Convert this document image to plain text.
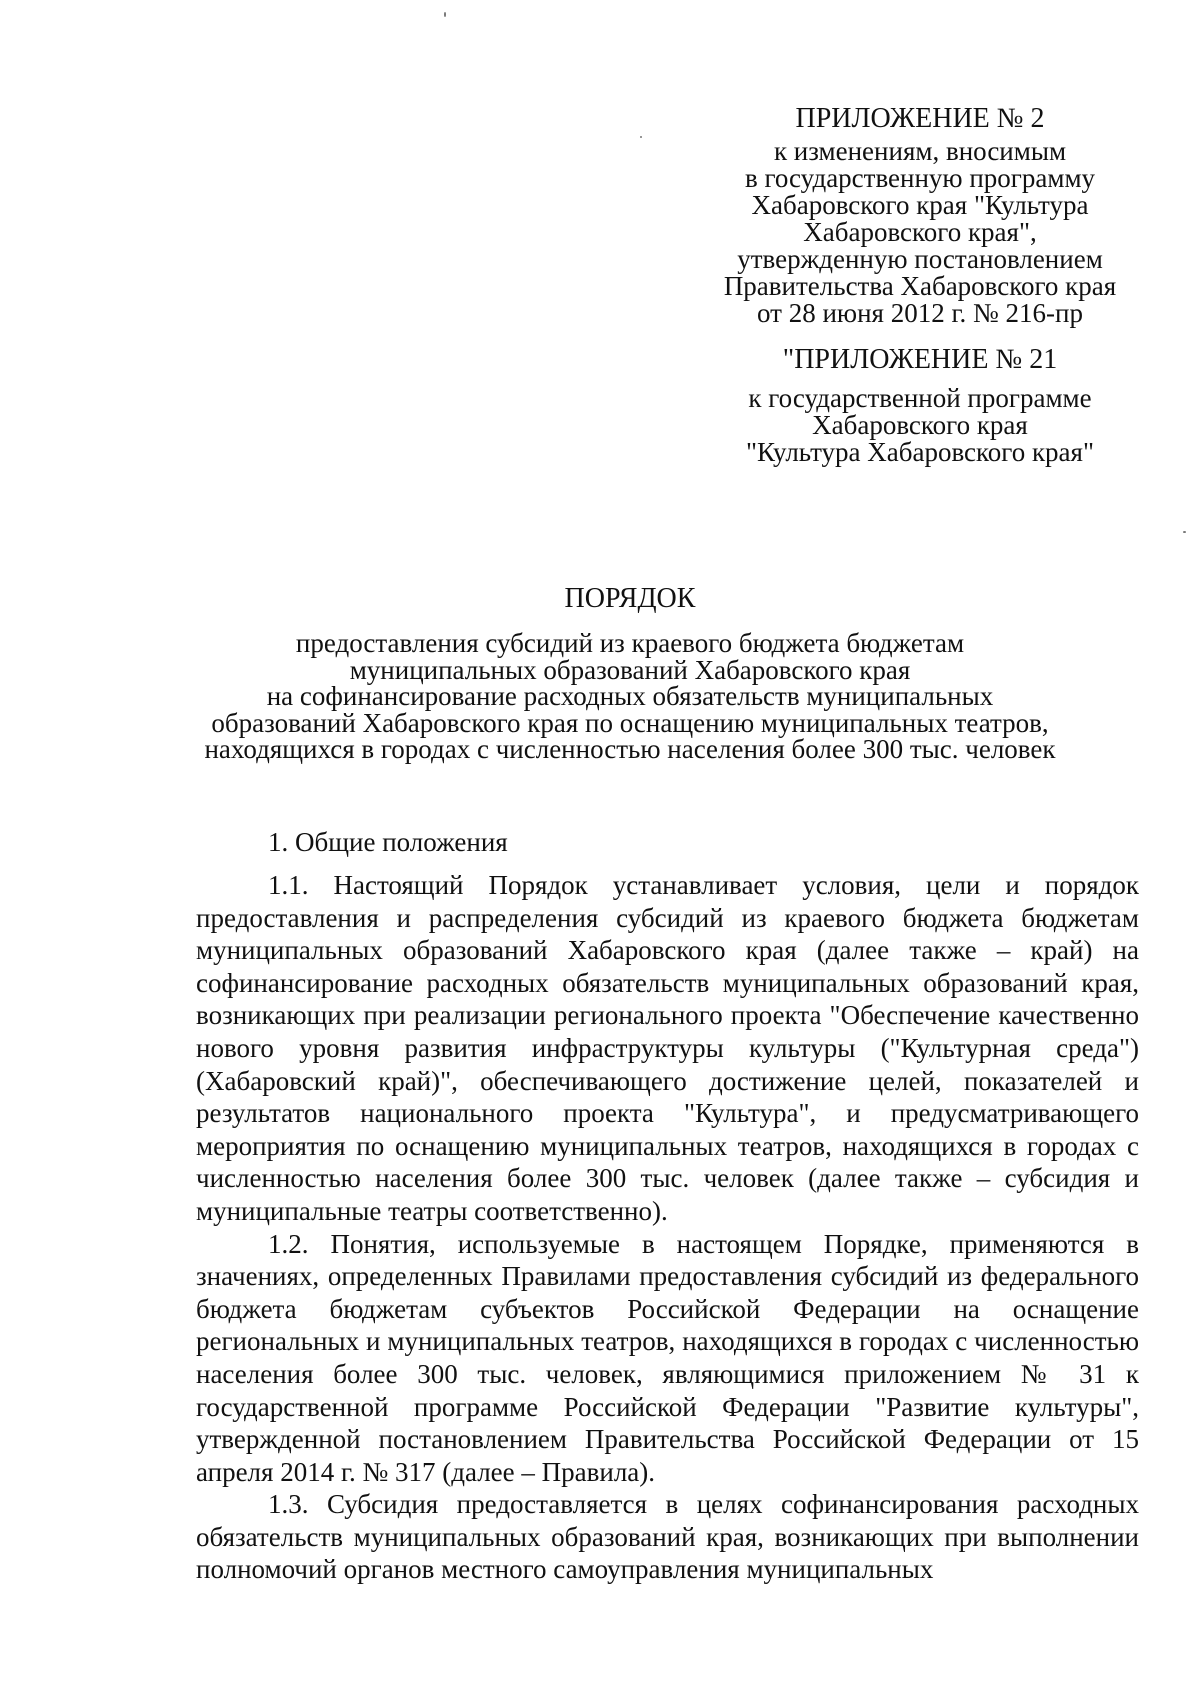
ПРИЛОЖЕНИЕ № 2
к изменениям, вносимым
в государственную программу
Хабаровского края "Культура
Хабаровского края",
утвержденную постановлением
Правительства Хабаровского края
от 28 июня 2012 г. № 216-пр
"ПРИЛОЖЕНИЕ № 21
к государственной программе
Хабаровского края
"Культура Хабаровского края"
ПОРЯДОК
предоставления субсидий из краевого бюджета бюджетам
муниципальных образований Хабаровского края
на софинансирование расходных обязательств муниципальных
образований Хабаровского края по оснащению муниципальных театров,
находящихся в городах с численностью населения более 300 тыс. человек
1. Общие положения

1.1. Настоящий Порядок устанавливает условия, цели и порядок предоставления и распределения субсидий из краевого бюджета бюджетам муниципальных образований Хабаровского края (далее также – край) на софинансирование расходных обязательств муниципальных образований края, возникающих при реализации регионального проекта "Обеспечение качественно нового уровня развития инфраструктуры культуры ("Культурная среда") (Хабаровский край)", обеспечивающего достижение целей, показателей и результатов национального проекта "Культура", и предусматривающего мероприятия по оснащению муниципальных театров, находящихся в городах с численностью населения более 300 тыс. человек (далее также – субсидия и муниципальные театры соответственно).

1.2. Понятия, используемые в настоящем Порядке, применяются в значениях, определенных Правилами предоставления субсидий из федерального бюджета бюджетам субъектов Российской Федерации на оснащение региональных и муниципальных театров, находящихся в городах с численностью населения более 300 тыс. человек, являющимися приложением № 31 к государственной программе Российской Федерации "Развитие культуры", утвержденной постановлением Правительства Российской Федерации от 15 апреля 2014 г. № 317 (далее – Правила).

1.3. Субсидия предоставляется в целях софинансирования расходных обязательств муниципальных образований края, возникающих при выполнении полномочий органов местного самоуправления муниципальных
